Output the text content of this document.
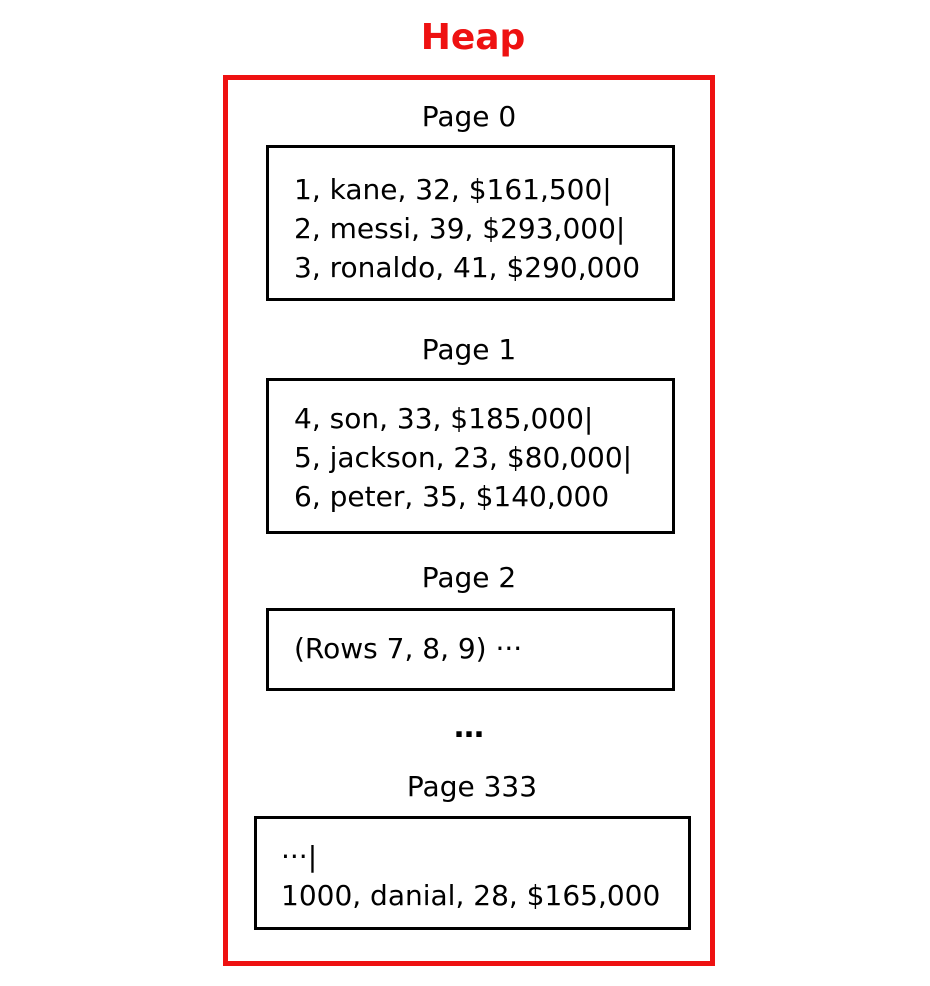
Heap
Page 0
1, kane, 32, $161,500|
2, messi, 39, $293,000|
3, ronaldo, 41, $290,000
Page 1
4, son, 33, $185,000|
5, jackson, 23, $80,000|
6, peter, 35, $140,000
Page 2
(Rows 7, 8, 9) ···
…
Page 333
···|
1000, danial, 28, $165,000
